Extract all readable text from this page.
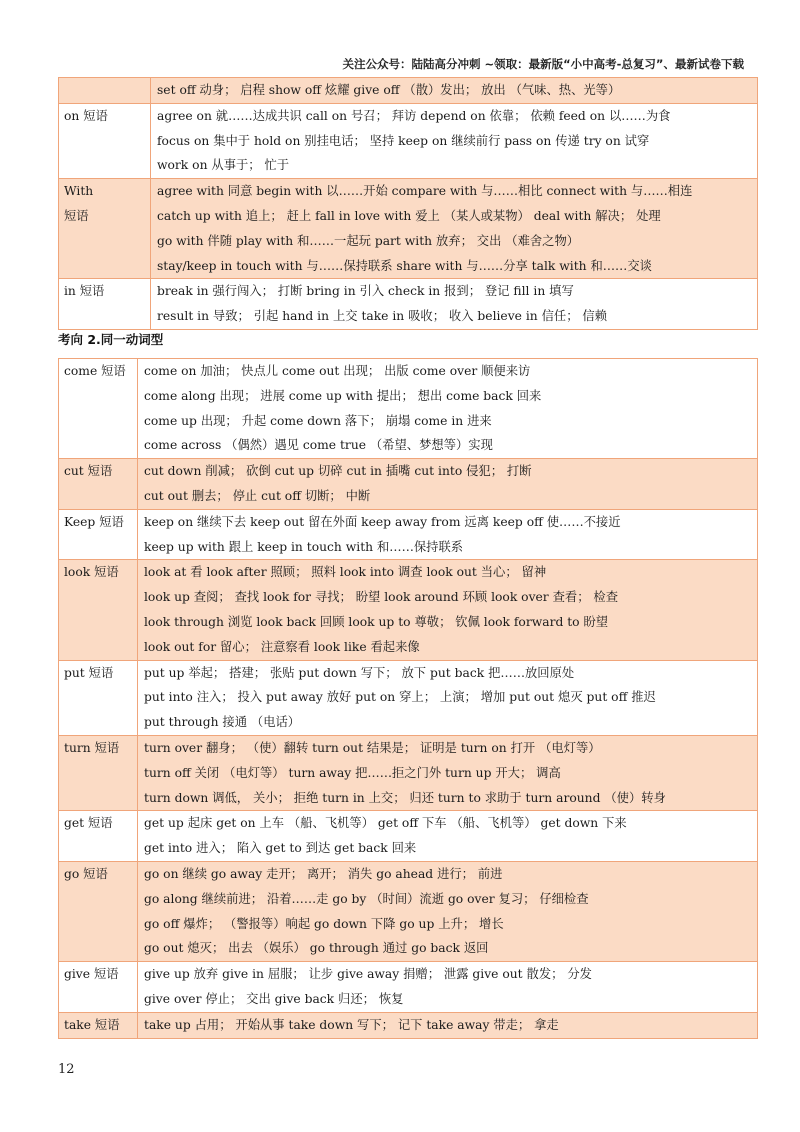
关注公众号：陆陆高分冲刺 ~领取：最新版“小中高考-总复习”、最新试卷下载

	set off 动身； 启程 show off 炫耀 give off （散）发出； 放出 （气味、热、光等）

on 短语	agree on 就……达成共识 call on 号召； 拜访 depend on 依靠； 依赖 feed on 以……为食
focus on 集中于 hold on 别挂电话； 坚持 keep on 继续前行 pass on 传递 try on 试穿
work on 从事于； 忙于

With
短语	agree with 同意 begin with 以……开始 compare with 与……相比 connect with 与……相连
catch up with 追上； 赶上 fall in love with 爱上 （某人或某物） deal with 解决； 处理
go with 伴随 play with 和……一起玩 part with 放弃； 交出 （难舍之物）
stay/keep in touch with 与……保持联系 share with 与……分享 talk with 和……交谈

in 短语	break in 强行闯入； 打断 bring in 引入 check in 报到； 登记 fill in 填写
result in 导致； 引起 hand in 上交 take in 吸收； 收入 believe in 信任； 信赖
考向 2.同一动词型
come 短语	come on 加油； 快点儿 come out 出现； 出版 come over 顺便来访
come along 出现； 进展 come up with 提出； 想出 come back 回来
come up 出现； 升起 come down 落下； 崩塌 come in 进来
come across （偶然）遇见 come true （希望、梦想等）实现

cut 短语	cut down 削减； 砍倒 cut up 切碎 cut in 插嘴 cut into 侵犯； 打断
cut out 删去； 停止 cut off 切断； 中断

Keep 短语	keep on 继续下去 keep out 留在外面 keep away from 远离 keep off 使……不接近
keep up with 跟上 keep in touch with 和……保持联系

look 短语	look at 看 look after 照顾； 照料 look into 调查 look out 当心； 留神
look up 查阅； 查找 look for 寻找； 盼望 look around 环顾 look over 查看； 检查
look through 浏览 look back 回顾 look up to 尊敬； 钦佩 look forward to 盼望
look out for 留心； 注意察看 look like 看起来像

put 短语	put up 举起； 搭建； 张贴 put down 写下； 放下 put back 把……放回原处
put into 注入； 投入 put away 放好 put on 穿上； 上演； 增加 put out 熄灭 put off 推迟
put through 接通 （电话）

turn 短语	turn over 翻身； （使）翻转 turn out 结果是； 证明是 turn on 打开 （电灯等）
turn off 关闭 （电灯等） turn away 把……拒之门外 turn up 开大； 调高
turn down 调低， 关小； 拒绝 turn in 上交； 归还 turn to 求助于 turn around （使）转身

get 短语	get up 起床 get on 上车 （船、飞机等） get off 下车 （船、飞机等） get down 下来
get into 进入； 陷入 get to 到达 get back 回来

go 短语	go on 继续 go away 走开； 离开； 消失 go ahead 进行； 前进
go along 继续前进； 沿着……走 go by （时间）流逝 go over 复习； 仔细检查
go off 爆炸； （警报等）响起 go down 下降 go up 上升； 增长
go out 熄灭； 出去 （娱乐） go through 通过 go back 返回

give 短语	give up 放弃 give in 屈服； 让步 give away 捐赠； 泄露 give out 散发； 分发
give over 停止； 交出 give back 归还； 恢复

take 短语	take up 占用； 开始从事 take down 写下； 记下 take away 带走； 拿走
12
